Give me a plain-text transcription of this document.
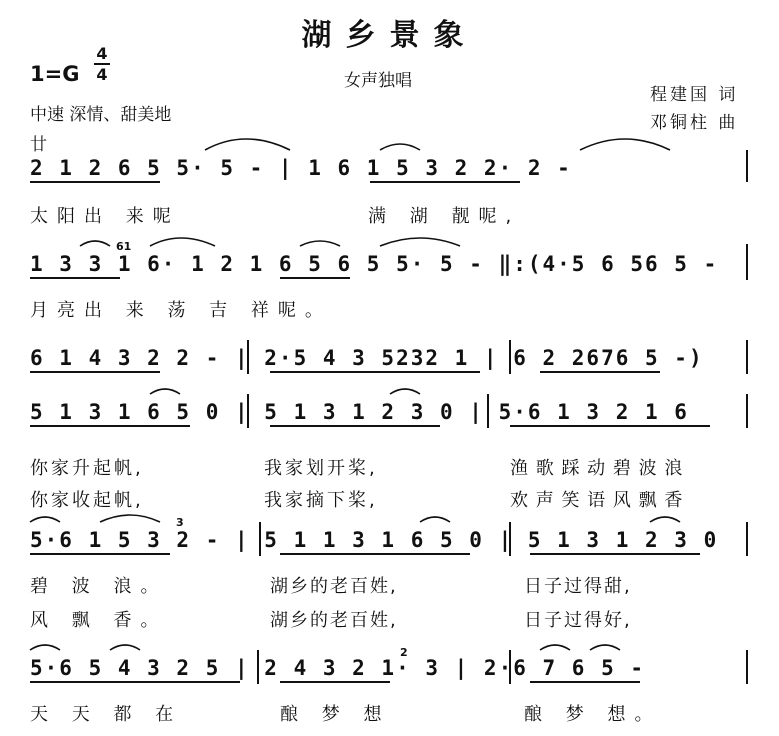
湖乡景象
1=G
4
4	女声独唱
中速 深情、甜美地
廿
程建国 词
邓铜柱 曲
2 1 2 6 5 5· 5 - | 1 6 1 5 3 2 2· 2 -
太阳出 来呢	满 湖 靓呢,
1 3 3 1 6· 1 2 1 6 5 6 5 5· 5 - ‖:(4·5 6 56 5 -
61
月亮出 来 荡 吉 祥呢。
6 1 4 3 2 2 - | 2·5 4 3 5232 1 | 6 2 2676 5 -)
5 1 3 1 6 5 0 | 5 1 3 1 2 3 0 | 5·6 1 3 2 1 6
你家升起帆,	我家划开桨,	渔 歌 踩 动 碧 波 浪
你家收起帆,	我家摘下桨,	欢 声 笑 语 风 飘 香
5·6 1 5 3 2 - | 5 1 1 3 1 6 5 0 | 5 1 3 1 2 3 0
3
碧 波 浪。	湖乡的老百姓,	日子过得甜,
风 飘 香。	湖乡的老百姓,	日子过得好,
5·6 5 4 3 2 5 | 2 4 3 2 1· 3 | 2·6 7 6 5 -
2
天 天 都 在	酿 梦 想	酿 梦 想。
